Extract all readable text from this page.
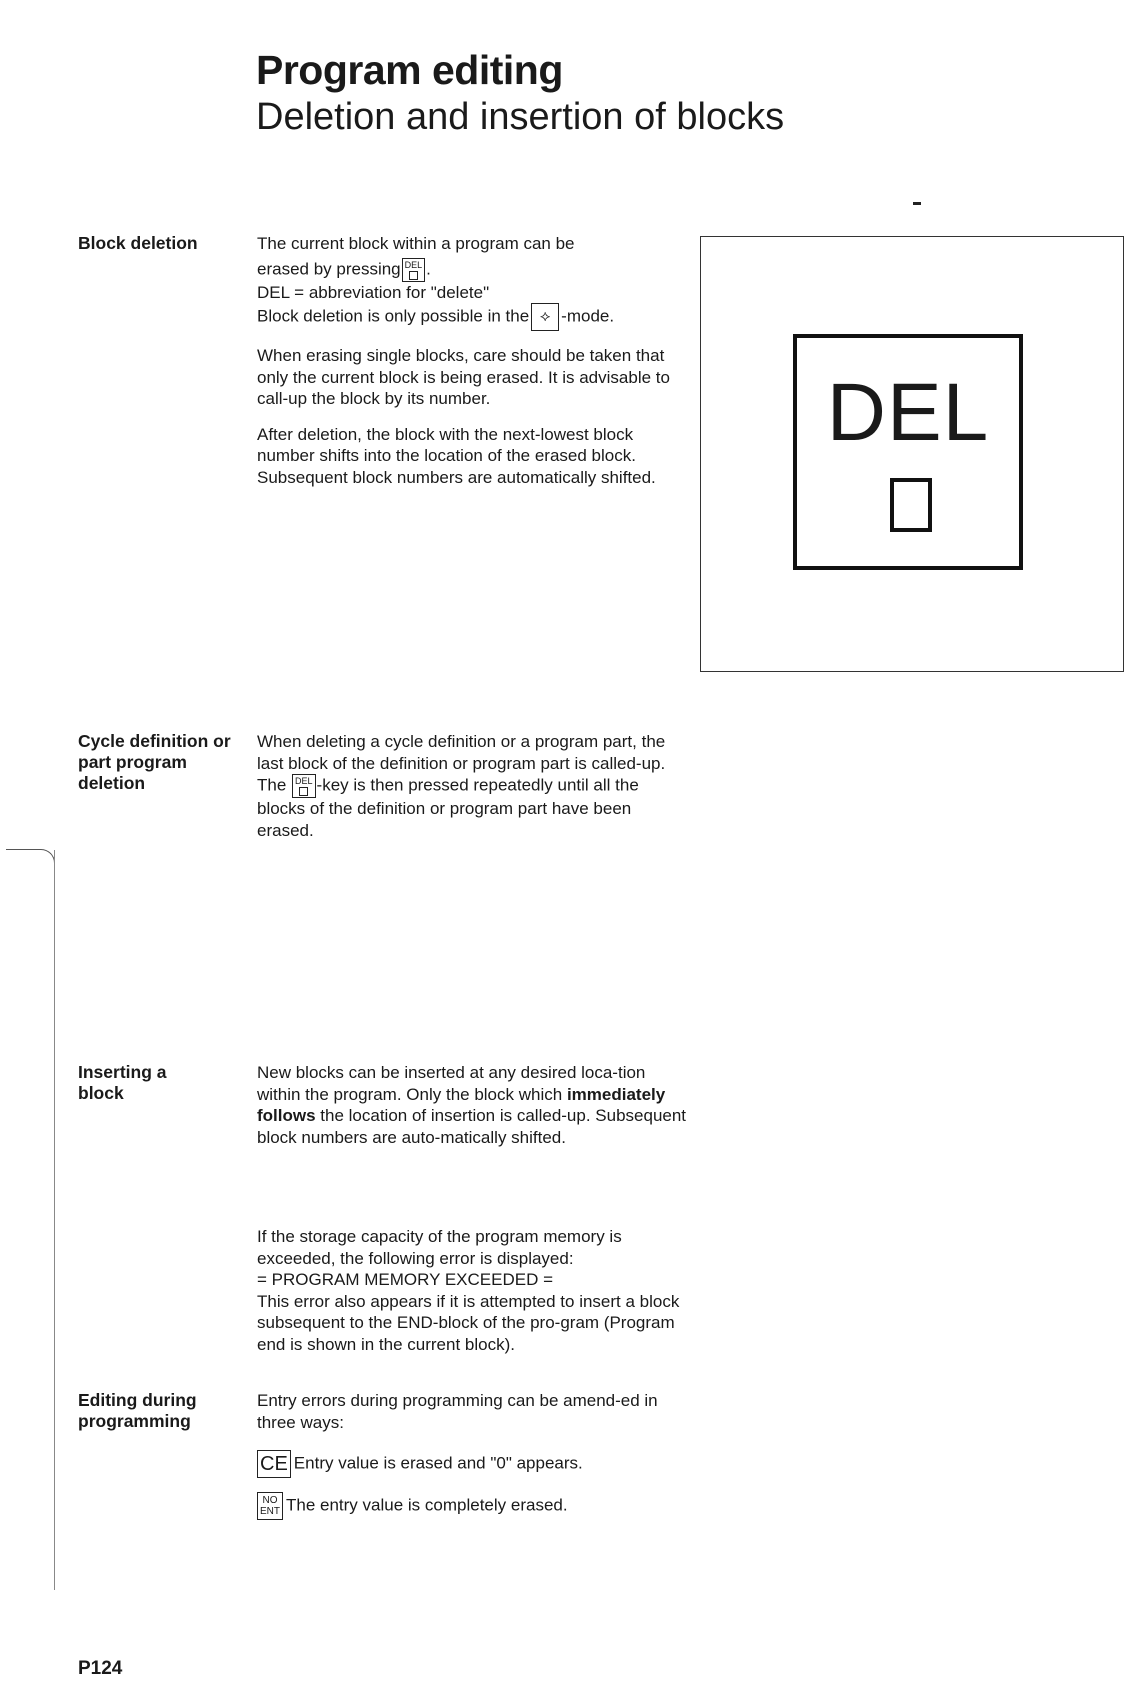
Program editing
Deletion and insertion of blocks
Block deletion	The current block within a program can be

erased by pressing DEL .

DEL = abbreviation for "delete"

Block deletion is only possible in the ⟡ -mode.

When erasing single blocks, care should be taken that only the current block is being erased. It is advisable to call-up the block by its number.

After deletion, the block with the next-lowest block number shifts into the location of the erased block.

Subsequent block numbers are automatically shifted.

DEL
Cycle definition or part program deletion

When deleting a cycle definition or a program part, the last block of the definition or program part is called-up. The DEL -key is then pressed repeatedly until all the blocks of the definition or program part have been erased.

Inserting a block

New blocks can be inserted at any desired loca-tion within the program. Only the block which immediately follows the location of insertion is called-up. Subsequent block numbers are auto-matically shifted.

If the storage capacity of the program memory is exceeded, the following error is displayed:

= PROGRAM MEMORY EXCEEDED =

This error also appears if it is attempted to insert a block subsequent to the END-block of the pro-gram (Program end is shown in the current block).

Editing during programming

Entry errors during programming can be amend-ed in three ways:

CE Entry value is erased and "0" appears.
NO
ENT The entry value is completely erased.
P124
